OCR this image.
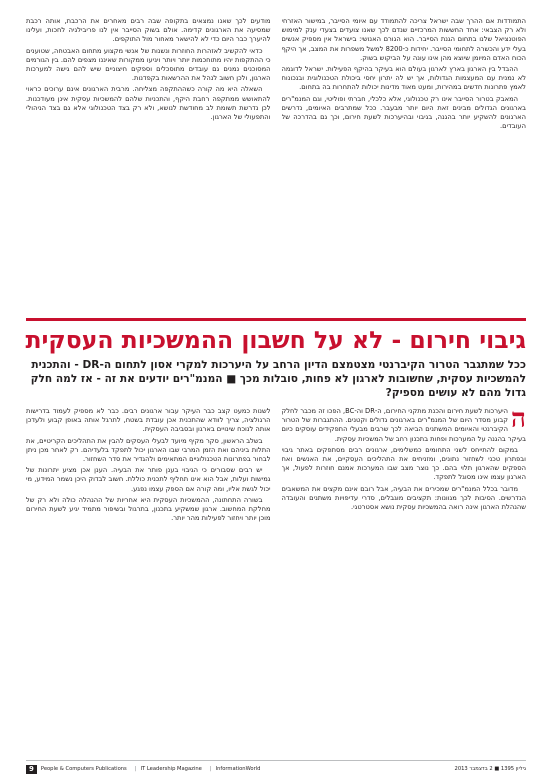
התמודדות אם ההרך שבה ישראל צריכה להתמודד עם איומי הסייבר, במישור האזרחי ולא רק הצבאי: אחד החששות המרכזיים שנדם לכך שאנו צועדים בצעדי ענק למימוש הפוטנציאל שלנו בתחום הגנת הסייבר. הוא הגורם האנושי: בישראל אין מספיק אנשים בעלי ידע והכשרה לתחומי הסייבר. יחידות כ-8200 למשל משפרות את המצב, אך היקף הכוח האדם המיומן שיוצא מהן אינו עונה על הביקוש בשוק.

ההבדל בין הארגון בארץ לארגון בעולם הוא בעיקר בהיקף הפעילות. ישראל לדוגמה לא נמנית עם המעצמות הגדולות, אך יש לה יתרון יחסי ביכולת הטכנולוגית ובנכונות לאמץ פתרונות חדשים במהירות, ומעט מאוד מדינות יכולות להתחרות בה בתחום.

המאבק בטרור הסייבר אינו רק טכנולוגי, אלא כלכלי, חברתי ופוליטי, וגם המנמ"רים בארגונים הגדולים מבינים זאת היום יותר מבעבר. ככל שמתרבים האיומים, נדרשים הארגונים להשקיע יותר בהגנה, בגיבוי ובהיערכות לשעת חירום, וכך גם בהדרכה של העובדים.

מודעים לכך שאנו נמצאים בתקופה שבה רבים מאחרים את הרכבת, אותה רכבת שמסיעה את הארגונים קדימה. אולם בשוק הסייבר אין לנו פריבילגיה לחכות, ועלינו להיערך כבר היום כדי לא להישאר מאחור מול התוקפים.

כדאי להקשיב לאזהרות החוזרות ונשנות של אנשי מקצוע מתחום האבטחה, שטוענים כי ההתקפות יהיו מתוחכמות יותר ויותר ויגיעו ממקורות שאיננו מצפים להם. בין הגורמים המסוכנים נמנים גם עובדים מתוסכלים וספקים חיצוניים שיש להם גישה למערכות הארגון, ולכן חשוב לנהל את ההרשאות בקפדנות.

השאלה היא מה קורה כשההתקפה מצליחה. מרבית הארגונים אינם ערוכים כראוי להתאושש ממתקפה רחבת היקף, והתכניות שלהם להמשכיות עסקית אינן מעודכנות. לכן נדרשת תשומת לב מחודשת לנושא, ולא רק בצד הטכנולוגי אלא גם בצד הניהולי והתפעולי של הארגון.

גיבוי חירום - לא על חשבון ההמשכיות העסקית
ככל שמתגבר הטרור הקיברנטי מצטמצם הדיון הרחב על היערכות למקרי אסון לתחום ה-DR - והתכנית להמשכיות עסקית, שחשובות לארגון לא פחות, סובלות מכך ■ המנמ"רים יודעים את זה - אז למה חלק גדול מהם לא עושים מספיק?

ה
היערכות לשעת חירום והכנת מתקני החירום, ה-DR וה-BC, הפכו זה מכבר לחלק קבוע מסדר היום של המנמ"רים בארגונים גדולים וקטנים. ההתגברות של הטרור הקיברנטי והאיומים המשתנים הביאה לכך שרבים מבעלי התפקידים עוסקים כיום בעיקר בהגנה על המערכות ופחות בתכנון רחב של המשכיות עסקית.

במקום להתייחס לשני התחומים כמשלימים, ארגונים רבים מסתפקים באתר גיבוי ובפתרון טכני לשחזור נתונים, ומזניחים את התהליכים העסקיים, את האנשים ואת הספקים שהארגון תלוי בהם. כך נוצר מצב שבו המערכות אמנם חוזרות לפעול, אך הארגון עצמו אינו מסוגל לתפקד.

מדובר בכלל המנמ"רים שמכירים את הבעיה, אבל רובם אינם מקצים את המשאבים הנדרשים. הסיבות לכך מגוונות: תקציבים מוגבלים, סדרי עדיפויות משתנים והעובדה שהנהלת הארגון אינה רואה בהמשכיות עסקית נושא אסטרטגי.

לשנות כמעט קצב כבר העיקר עבור ארגונים רבים. כבר לא מספיק לעמוד בדרישות הרגולציה, צריך לוודא שהתכנית אכן עובדת בשטח, לתרגל אותה באופן קבוע ולעדכן אותה לנוכח שינויים בארגון ובסביבה העסקית.

בשלב הראשון, סקר מקיף מיועד לבעלי העסקים להבין את התהליכים הקריטיים, את התלות ביניהם ואת הזמן המרבי שבו הארגון יכול לתפקד בלעדיהם. רק לאחר מכן ניתן לבחור בפתרונות הטכנולוגיים המתאימים ולהגדיר את סדר השחזור.

יש רבים שסבורים כי הגיבוי בענן פותר את הבעיה. הענן אכן מציע יתרונות של גמישות ועלות, אבל הוא אינו תחליף לתכנית כוללת. חשוב לבדוק היכן נשמר המידע, מי יכול לגשת אליו, ומה קורה אם הספק עצמו נפגע.

בשורה התחתונה, ההמשכיות העסקית היא אחריות של ההנהלה כולה ולא רק של מחלקת המחשוב. ארגון שמשקיע בתכנון, בתרגול ובשיפור מתמיד יגיע לשעת החירום מוכן יותר ויחזור לפעילות מהר יותר.

9	People & Computers Publications | IT Leadership Magazine | InformationWorld	גיליון 1395 ■ 2 בדצמבר 2013
